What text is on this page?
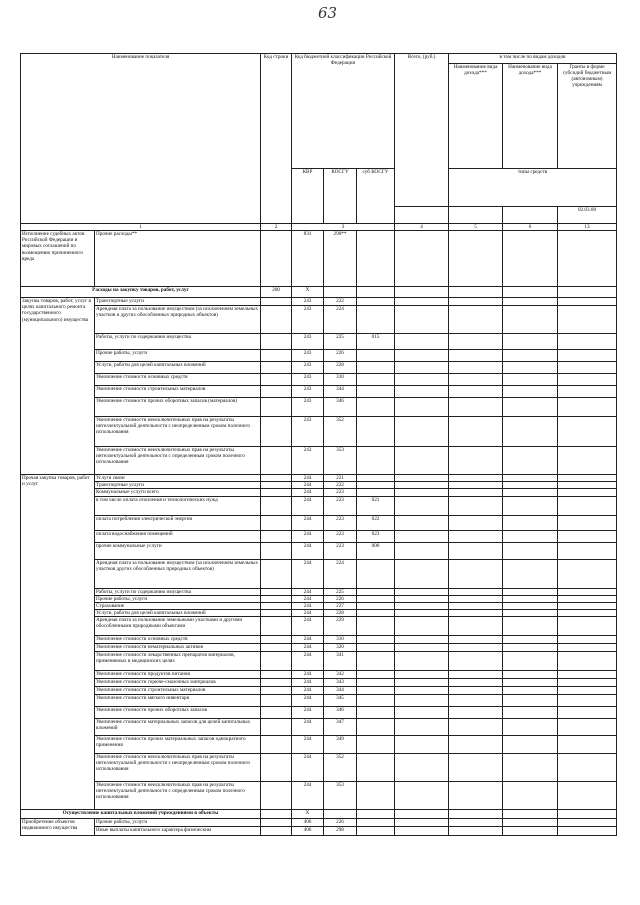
63
Наименование показателя		Код строки	Код бюджетной классификации Российской Федерации			Всего, (руб.)	в том числе по видам доходов		
							Наименование вида дохода***	Наименование вида дохода***	Гранты в форме субсидий бюджетным (автономным) учреждениям
			КВР	КОСГУ	суб КОСГУ		типы средств		
									02.03.00
1		2	3			4	5	6	13
Исполнение судебных актов Российской Федерации и мировых соглашений по возмещению причиненного вреда	Прочие расходы**		831	290**					
Расходы на закупку товаров, работ, услуг		200	X						
Закупка товаров, работ, услуг в целях капитального ремонта государственного (муниципального) имущества	Транспортные услуги		243	222					
	Арендная плата за пользование имуществом (за исключением земельных участков и других обособленных природных объектов)		243	224					
	Работы, услуги по содержанию имущества		243	225	015				
	Прочие работы, услуги		243	226					
	Услуги, работы для целей капитальных вложений		243	228					
	Увеличение стоимости основных средств		243	310					
	Увеличение стоимости строительных материалов		243	344					
	Увеличение стоимости прочих оборотных запасов (материалов)		243	346					
	Увеличение стоимости неисключительных прав на результаты интеллектуальной деятельности с неопределенным сроком полезного использования		243	352					
	Увеличение стоимости неисключительных прав на результаты интеллектуальной деятельности с определенным сроком полезного использования		243	353					
Прочая закупка товаров, работ и услуг	Услуги связи		244	221					
	Транспортные услуги		244	222					
	Коммунальные услуги всего		244	223					
	в том числе оплата отопления и технологических нужд		244	223	021				
	оплата потребления электрической энергии		244	223	022				
	оплата водоснабжения помещений		244	223	023				
	прочие коммунальные услуги		244	223	000				
	Арендная плата за пользование имуществом (за исключением земельных участков других обособленных природных объектов)		244	224					
	Работы, услуги по содержанию имущества		244	225					
	Прочие работы, услуги		244	226					
	Страхование		244	227					
	Услуги, работы для целей капитальных вложений		244	228					
	Арендная плата за пользование земельными участками и другими обособленными природными объектами		244	229					
	Увеличение стоимости основных средств		244	310					
	Увеличение стоимости нематериальных активов		244	320					
	Увеличение стоимости лекарственных препаратов материалов, применяемых в медицинских целях		244	341					
	Увеличение стоимости продуктов питания		244	342					
	Увеличение стоимости горюче-смазочных материалов		244	343					
	Увеличение стоимости строительных материалов		244	344					
	Увеличение стоимости мягкого инвентаря		244	345					
	Увеличение стоимости прочих оборотных запасов		244	346					
	Увеличение стоимости материальных запасов для целей капитальных вложений		244	347					
	Увеличение стоимости прочих материальных запасов однократного применения		244	349					
	Увеличение стоимости неисключительных прав на результаты интеллектуальной деятельности с неопределенным сроком полезного использования		244	352					
	Увеличение стоимости неисключительных прав на результаты интеллектуальной деятельности с определенным сроком полезного использования		244	353					
Осуществление капитальных вложений учреждениями в объекты			X						
Приобретение объектов недвижимого имущества	Прочие работы, услуги		406	226					
	Иные выплаты капитального характера физическим		406	298					
